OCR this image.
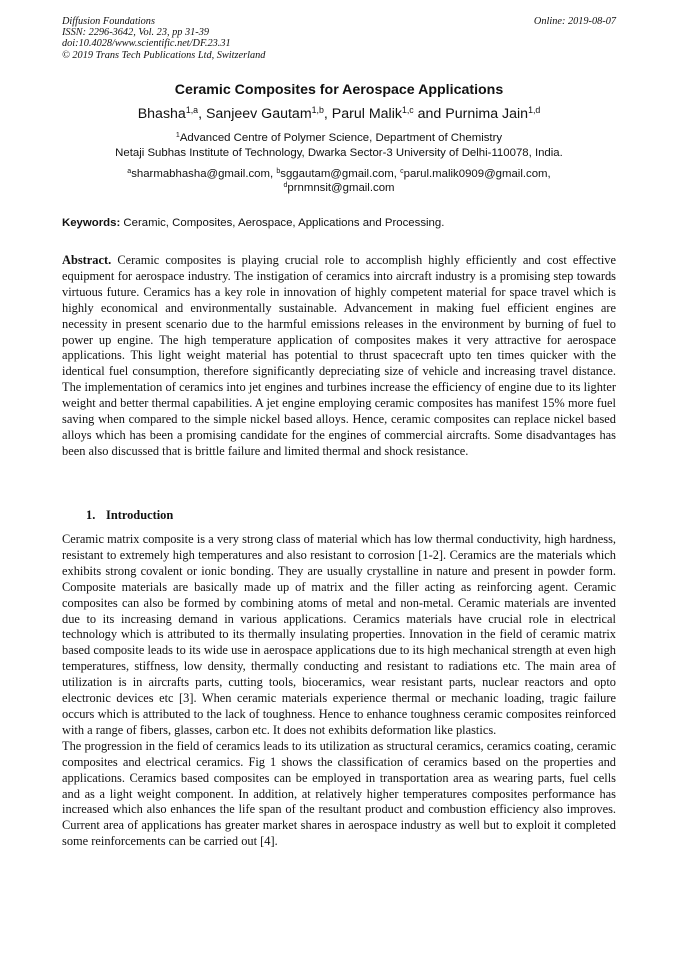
Diffusion Foundations
ISSN: 2296-3642, Vol. 23, pp 31-39
doi:10.4028/www.scientific.net/DF.23.31
© 2019 Trans Tech Publications Ltd, Switzerland
Online: 2019-08-07
Ceramic Composites for Aerospace Applications
Bhasha$^{1,a}$, Sanjeev Gautam$^{1,b}$, Parul Malik$^{1,c}$ and Purnima Jain$^{1,d}$
$^1$Advanced Centre of Polymer Science, Department of Chemistry
Netaji Subhas Institute of Technology, Dwarka Sector-3 University of Delhi-110078, India.
$^a$sharmabhasha@gmail.com, $^b$sggautam@gmail.com, $^c$parul.malik0909@gmail.com,
$^d$prnmnsit@gmail.com
Keywords: Ceramic, Composites, Aerospace, Applications and Processing.

Abstract. Ceramic composites is playing crucial role to accomplish highly efficiently and cost effective equipment for aerospace industry. The instigation of ceramics into aircraft industry is a promising step towards virtuous future. Ceramics has a key role in innovation of highly competent material for space travel which is highly economical and environmentally sustainable. Advancement in making fuel efficient engines are necessity in present scenario due to the harmful emissions releases in the environment by burning of fuel to power up engine. The high temperature application of composites makes it very attractive for aerospace applications. This light weight material has potential to thrust spacecraft upto ten times quicker with the identical fuel consumption, therefore significantly depreciating size of vehicle and increasing travel distance. The implementation of ceramics into jet engines and turbines increase the efficiency of engine due to its lighter weight and better thermal capabilities. A jet engine employing ceramic composites has manifest 15% more fuel saving when compared to the simple nickel based alloys. Hence, ceramic composites can replace nickel based alloys which has been a promising candidate for the engines of commercial aircrafts. Some disadvantages has been also discussed that is brittle failure and limited thermal and shock resistance.

1. Introduction

Ceramic matrix composite is a very strong class of material which has low thermal conductivity, high hardness, resistant to extremely high temperatures and also resistant to corrosion [1-2]. Ceramics are the materials which exhibits strong covalent or ionic bonding. They are usually crystalline in nature and present in powder form. Composite materials are basically made up of matrix and the filler acting as reinforcing agent. Ceramic composites can also be formed by combining atoms of metal and non-metal. Ceramic materials are invented due to its increasing demand in various applications. Ceramics materials have crucial role in electrical technology which is attributed to its thermally insulating properties. Innovation in the field of ceramic matrix based composite leads to its wide use in aerospace applications due to its high mechanical strength at even high temperatures, stiffness, low density, thermally conducting and resistant to radiations etc. The main area of utilization is in aircrafts parts, cutting tools, bioceramics, wear resistant parts, nuclear reactors and opto electronic devices etc [3]. When ceramic materials experience thermal or mechanic loading, tragic failure occurs which is attributed to the lack of toughness. Hence to enhance toughness ceramic composites reinforced with a range of fibers, glasses, carbon etc. It does not exhibits deformation like plastics.

The progression in the field of ceramics leads to its utilization as structural ceramics, ceramics coating, ceramic composites and electrical ceramics. Fig 1 shows the classification of ceramics based on the properties and applications. Ceramics based composites can be employed in transportation area as wearing parts, fuel cells and as a light weight component. In addition, at relatively higher temperatures composites performance has increased which also enhances the life span of the resultant product and combustion efficiency also improves. Current area of applications has greater market shares in aerospace industry as well but to exploit it completed some reinforcements can be carried out [4].
